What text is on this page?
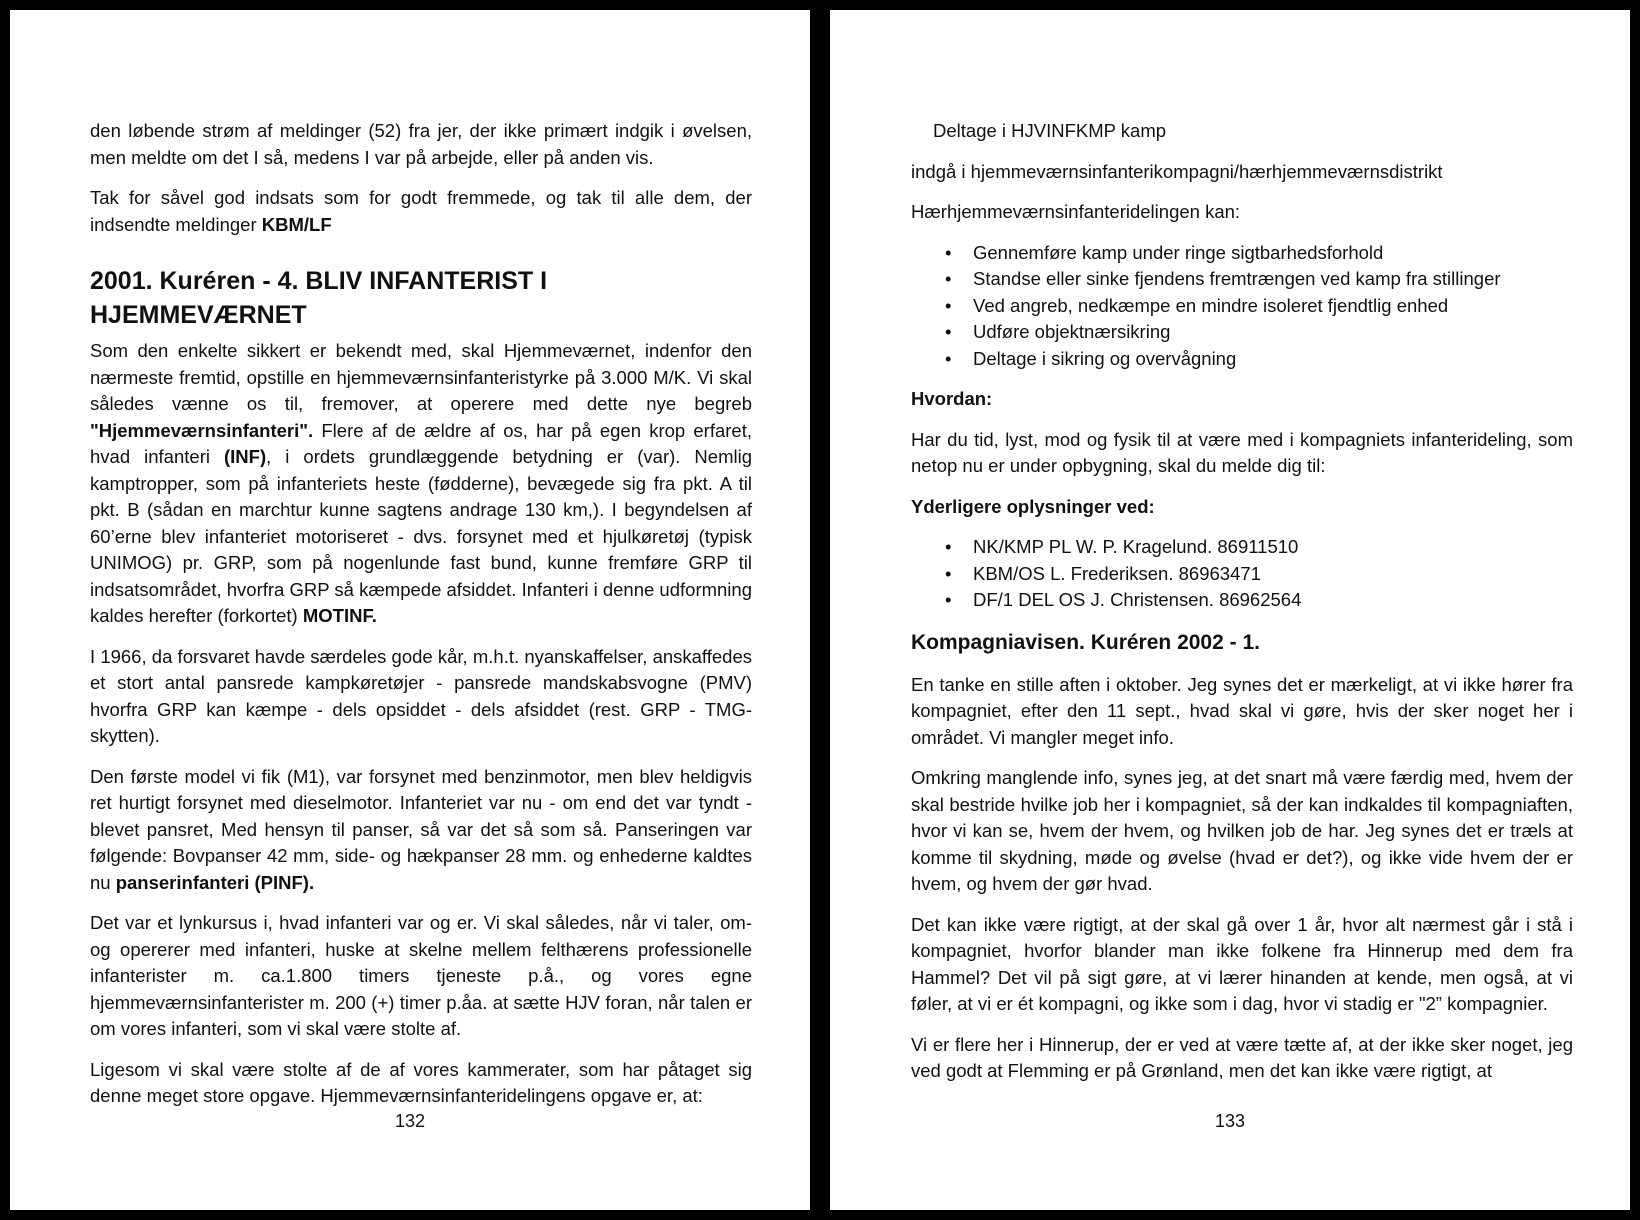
den løbende strøm af meldinger (52) fra jer, der ikke primært indgik i øvelsen, men meldte om det I så, medens I var på arbejde, eller på anden vis.

Tak for såvel god indsats som for godt fremmede, og tak til alle dem, der indsendte meldinger KBM/LF

2001. Kuréren - 4. BLIV INFANTERIST I HJEMMEVÆRNET

Som den enkelte sikkert er bekendt med, skal Hjemmeværnet, indenfor den nærmeste fremtid, opstille en hjemmeværnsinfanteristyrke på 3.000 M/K. Vi skal således vænne os til, fremover, at operere med dette nye begreb "Hjemmeværnsinfanteri". Flere af de ældre af os, har på egen krop erfaret, hvad infanteri (INF), i ordets grundlæggende betydning er (var). Nemlig kamptropper, som på infanteriets heste (fødderne), bevægede sig fra pkt. A til pkt. B (sådan en marchtur kunne sagtens andrage 130 km,). I begyndelsen af 60’erne blev infanteriet motoriseret - dvs. forsynet med et hjulkøretøj (typisk UNIMOG) pr. GRP, som på nogenlunde fast bund, kunne fremføre GRP til indsatsområdet, hvorfra GRP så kæmpede afsiddet. Infanteri i denne udformning kaldes herefter (forkortet) MOTINF.

I 1966, da forsvaret havde særdeles gode kår, m.h.t. nyanskaffelser, anskaffedes et stort antal pansrede kampkøretøjer - pansrede mandskabsvogne (PMV) hvorfra GRP kan kæmpe - dels opsiddet - dels afsiddet (rest. GRP - TMG-skytten).

Den første model vi fik (M1), var forsynet med benzinmotor, men blev heldigvis ret hurtigt forsynet med dieselmotor. Infanteriet var nu - om end det var tyndt - blevet pansret, Med hensyn til panser, så var det så som så. Panseringen var følgende: Bovpanser 42 mm, side- og hækpanser 28 mm. og enhederne kaldtes nu panserinfanteri (PINF).

Det var et lynkursus i, hvad infanteri var og er. Vi skal således, når vi taler, om- og opererer med infanteri, huske at skelne mellem felthærens professionelle infanterister m. ca.1.800 timers tjeneste p.å., og vores egne hjemmeværnsinfanterister m. 200 (+) timer p.åa. at sætte HJV foran, når talen er om vores infanteri, som vi skal være stolte af.

Ligesom vi skal være stolte af de af vores kammerater, som har påtaget sig denne meget store opgave. Hjemmeværnsinfanteridelingens opgave er, at:

132

Deltage i HJVINFKMP kamp

indgå i hjemmeværnsinfanterikompagni/hærhjemmeværnsdistrikt

Hærhjemmeværnsinfanteridelingen kan:

• Gennemføre kamp under ringe sigtbarhedsforhold
• Standse eller sinke fjendens fremtrængen ved kamp fra stillinger
• Ved angreb, nedkæmpe en mindre isoleret fjendtlig enhed
• Udføre objektnærsikring
• Deltage i sikring og overvågning

Hvordan:

Har du tid, lyst, mod og fysik til at være med i kompagniets infanterideling, som netop nu er under opbygning, skal du melde dig til:

Yderligere oplysninger ved:

• NK/KMP PL W. P. Kragelund. 86911510
• KBM/OS L. Frederiksen. 86963471
• DF/1 DEL OS J. Christensen. 86962564
Kompagniavisen. Kuréren 2002 - 1.

En tanke en stille aften i oktober. Jeg synes det er mærkeligt, at vi ikke hører fra kompagniet, efter den 11 sept., hvad skal vi gøre, hvis der sker noget her i området. Vi mangler meget info.

Omkring manglende info, synes jeg, at det snart må være færdig med, hvem der skal bestride hvilke job her i kompagniet, så der kan indkaldes til kompagniaften, hvor vi kan se, hvem der hvem, og hvilken job de har. Jeg synes det er træls at komme til skydning, møde og øvelse (hvad er det?), og ikke vide hvem der er hvem, og hvem der gør hvad.

Det kan ikke være rigtigt, at der skal gå over 1 år, hvor alt nærmest går i stå i kompagniet, hvorfor blander man ikke folkene fra Hinnerup med dem fra Hammel? Det vil på sigt gøre, at vi lærer hinanden at kende, men også, at vi føler, at vi er ét kompagni, og ikke som i dag, hvor vi stadig er "2” kompagnier.

Vi er flere her i Hinnerup, der er ved at være tætte af, at der ikke sker noget, jeg ved godt at Flemming er på Grønland, men det kan ikke være rigtigt, at

133
